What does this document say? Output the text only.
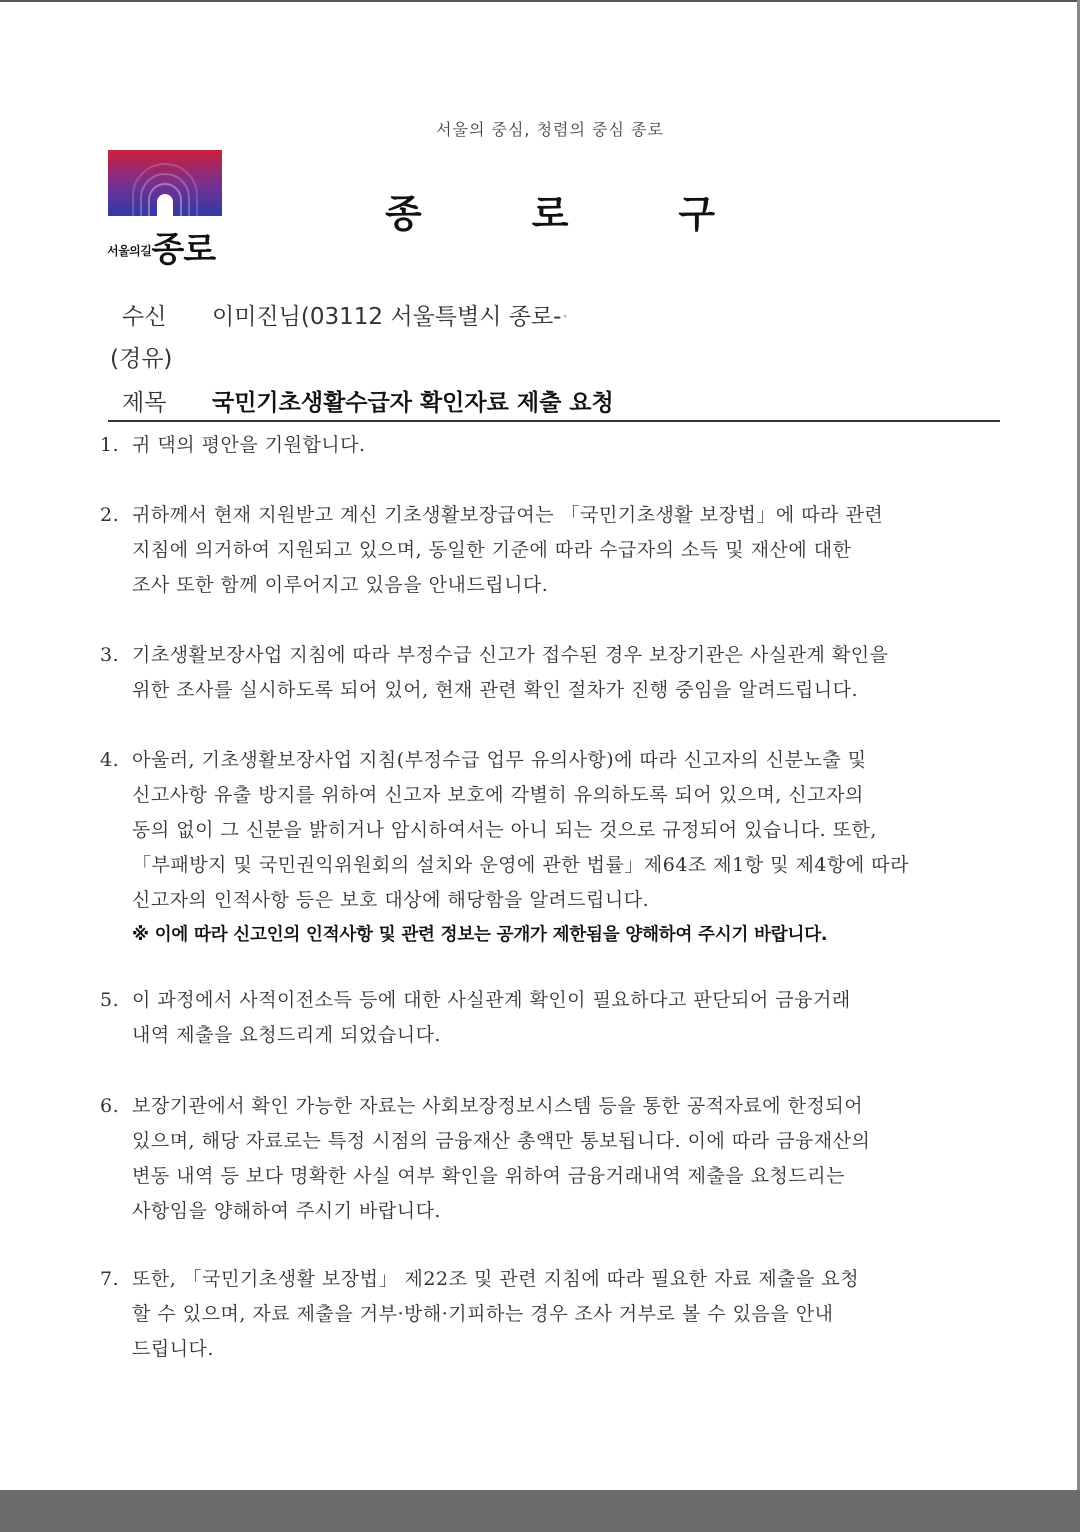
서울의 중심, 청렴의 중심 종로
$^{서울의길}$종로
종로구
수신 이미진님(03112 서울특별시 종로-·
(경유)
제목 국민기초생활수급자 확인자료 제출 요청

1. 귀 댁의 평안을 기원합니다.

2. 귀하께서 현재 지원받고 계신 기초생활보장급여는 「국민기초생활 보장법」에 따라 관련

지침에 의거하여 지원되고 있으며, 동일한 기준에 따라 수급자의 소득 및 재산에 대한

조사 또한 함께 이루어지고 있음을 안내드립니다.

3. 기초생활보장사업 지침에 따라 부정수급 신고가 접수된 경우 보장기관은 사실관계 확인을

위한 조사를 실시하도록 되어 있어, 현재 관련 확인 절차가 진행 중임을 알려드립니다.

4. 아울러, 기초생활보장사업 지침(부정수급 업무 유의사항)에 따라 신고자의 신분노출 및

신고사항 유출 방지를 위하여 신고자 보호에 각별히 유의하도록 되어 있으며, 신고자의

동의 없이 그 신분을 밝히거나 암시하여서는 아니 되는 것으로 규정되어 있습니다. 또한,

「부패방지 및 국민권익위원회의 설치와 운영에 관한 법률」제64조 제1항 및 제4항에 따라

신고자의 인적사항 등은 보호 대상에 해당함을 알려드립니다.

※ 이에 따라 신고인의 인적사항 및 관련 정보는 공개가 제한됨을 양해하여 주시기 바랍니다.

5. 이 과정에서 사적이전소득 등에 대한 사실관계 확인이 필요하다고 판단되어 금융거래

내역 제출을 요청드리게 되었습니다.

6. 보장기관에서 확인 가능한 자료는 사회보장정보시스템 등을 통한 공적자료에 한정되어

있으며, 해당 자료로는 특정 시점의 금융재산 총액만 통보됩니다. 이에 따라 금융재산의

변동 내역 등 보다 명확한 사실 여부 확인을 위하여 금융거래내역 제출을 요청드리는

사항임을 양해하여 주시기 바랍니다.

7. 또한, 「국민기초생활 보장법」 제22조 및 관련 지침에 따라 필요한 자료 제출을 요청

할 수 있으며, 자료 제출을 거부·방해·기피하는 경우 조사 거부로 볼 수 있음을 안내

드립니다.
